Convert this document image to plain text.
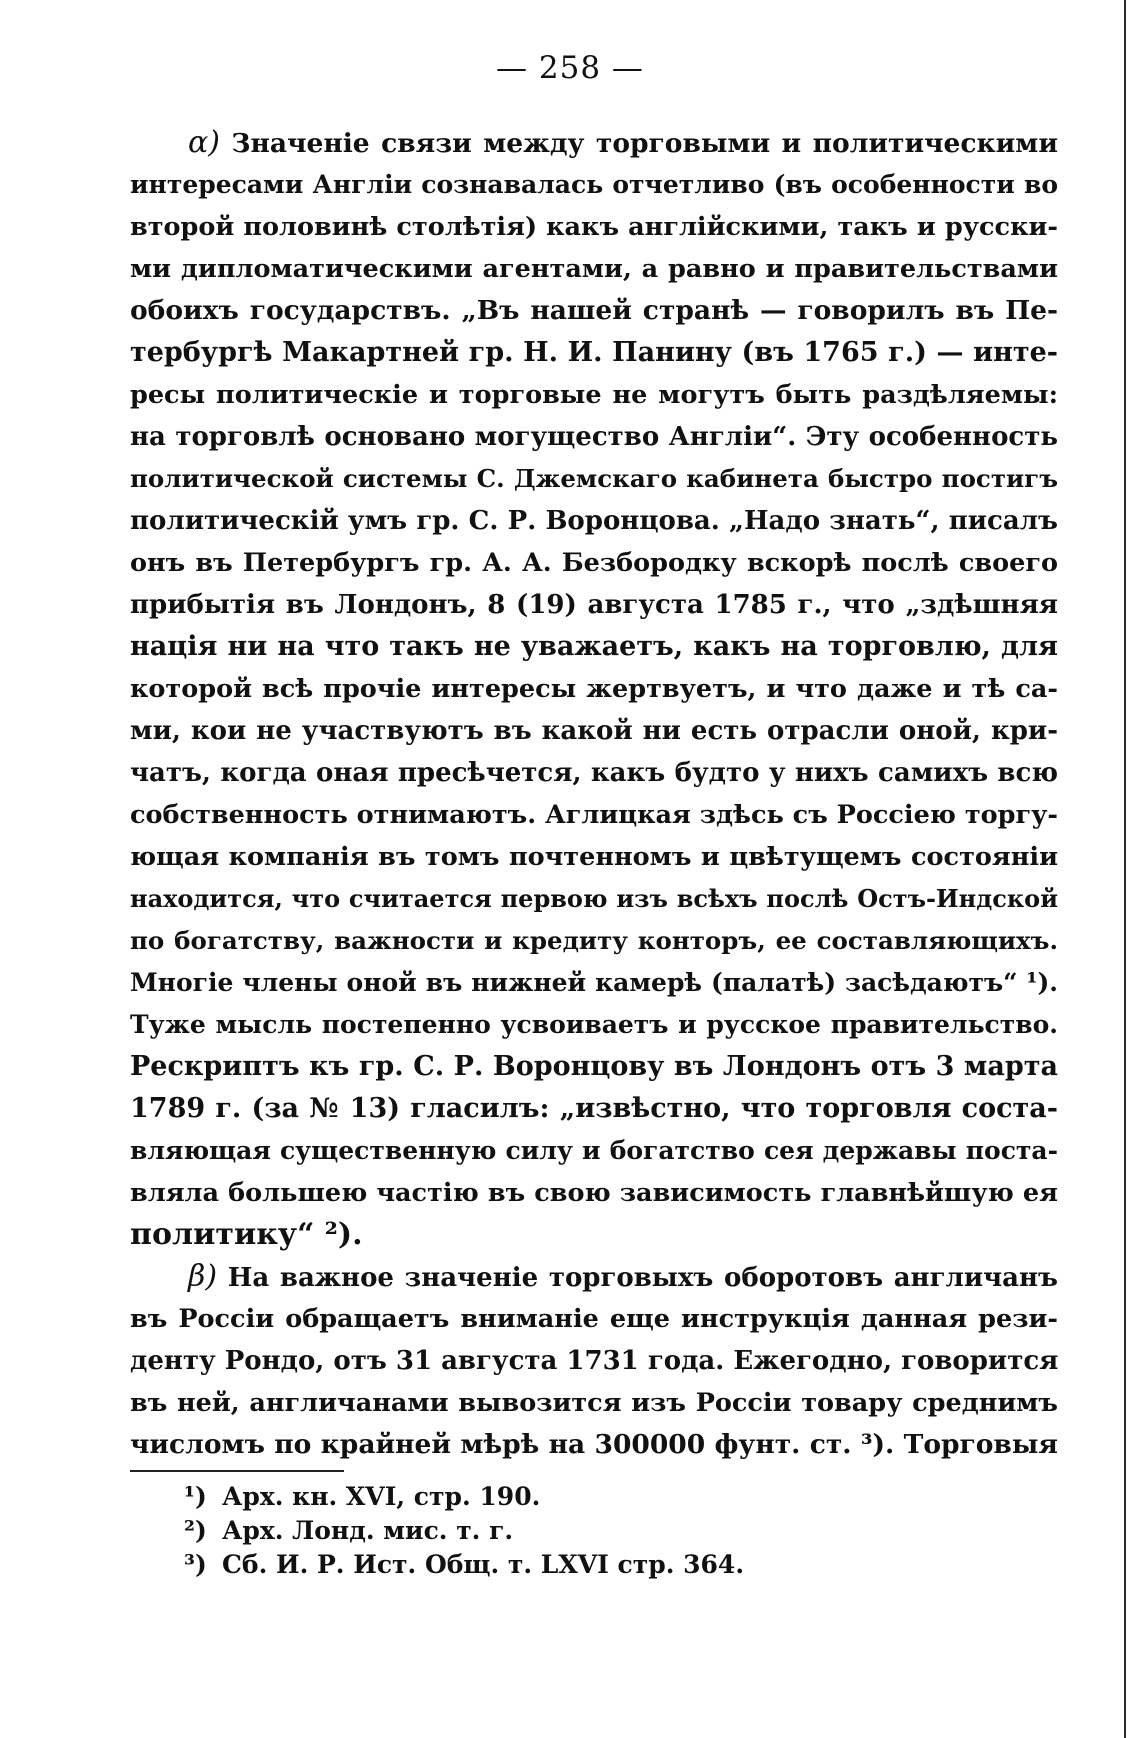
— 258 —
α) Значеніе связи между торговыми и политическими
интересами Англіи сознавалась отчетливо (въ особенности во
второй половинѣ столѣтія) какъ англійскими, такъ и русски-
ми дипломатическими агентами, а равно и правительствами
обоихъ государствъ. „Въ нашей странѣ — говорилъ въ Пе-
тербургѣ Макартней гр. Н. И. Панину (въ 1765 г.) — инте-
ресы политическіе и торговые не могутъ быть раздѣляемы:
на торговлѣ основано могущество Англіи“. Эту особенность
политической системы С. Джемскаго кабинета быстро постигъ
политическій умъ гр. С. Р. Воронцова. „Надо знать“, писалъ
онъ въ Петербургъ гр. А. А. Безбородку вскорѣ послѣ своего
прибытія въ Лондонъ, 8 (19) августа 1785 г., что „здѣшняя
нація ни на что такъ не уважаетъ, какъ на торговлю, для
которой всѣ прочіе интересы жертвуетъ, и что даже и тѣ са-
ми, кои не участвуютъ въ какой ни есть отрасли оной, кри-
чатъ, когда оная пресѣчется, какъ будто у нихъ самихъ всю
собственность отнимаютъ. Аглицкая здѣсь съ Россіею торгу-
ющая компанія въ томъ почтенномъ и цвѣтущемъ состояніи
находится, что считается первою изъ всѣхъ послѣ Остъ-Индской
по богатству, важности и кредиту конторъ, ее составляющихъ.
Многіе члены оной въ нижней камерѣ (палатѣ) засѣдаютъ“ ¹).
Туже мысль постепенно усвоиваетъ и русское правительство.
Рескриптъ къ гр. С. Р. Воронцову въ Лондонъ отъ 3 марта
1789 г. (за № 13) гласилъ: „извѣстно, что торговля соста-
вляющая существенную силу и богатство сея державы поста-
вляла большею частію въ свою зависимость главнѣйшую ея
политику“ ²).
β) На важное значеніе торговыхъ оборотовъ англичанъ
въ Россіи обращаетъ вниманіе еще инструкція данная рези-
денту Рондо, отъ 31 августа 1731 года. Ежегодно, говорится
въ ней, англичанами вывозится изъ Россіи товару среднимъ
числомъ по крайней мѣрѣ на 300000 фунт. ст. ³). Торговыя
¹) Арх. кн. XVI, стр. 190.
²) Арх. Лонд. мис. т. г.
³) Сб. И. Р. Ист. Общ. т. LXVI стр. 364.
